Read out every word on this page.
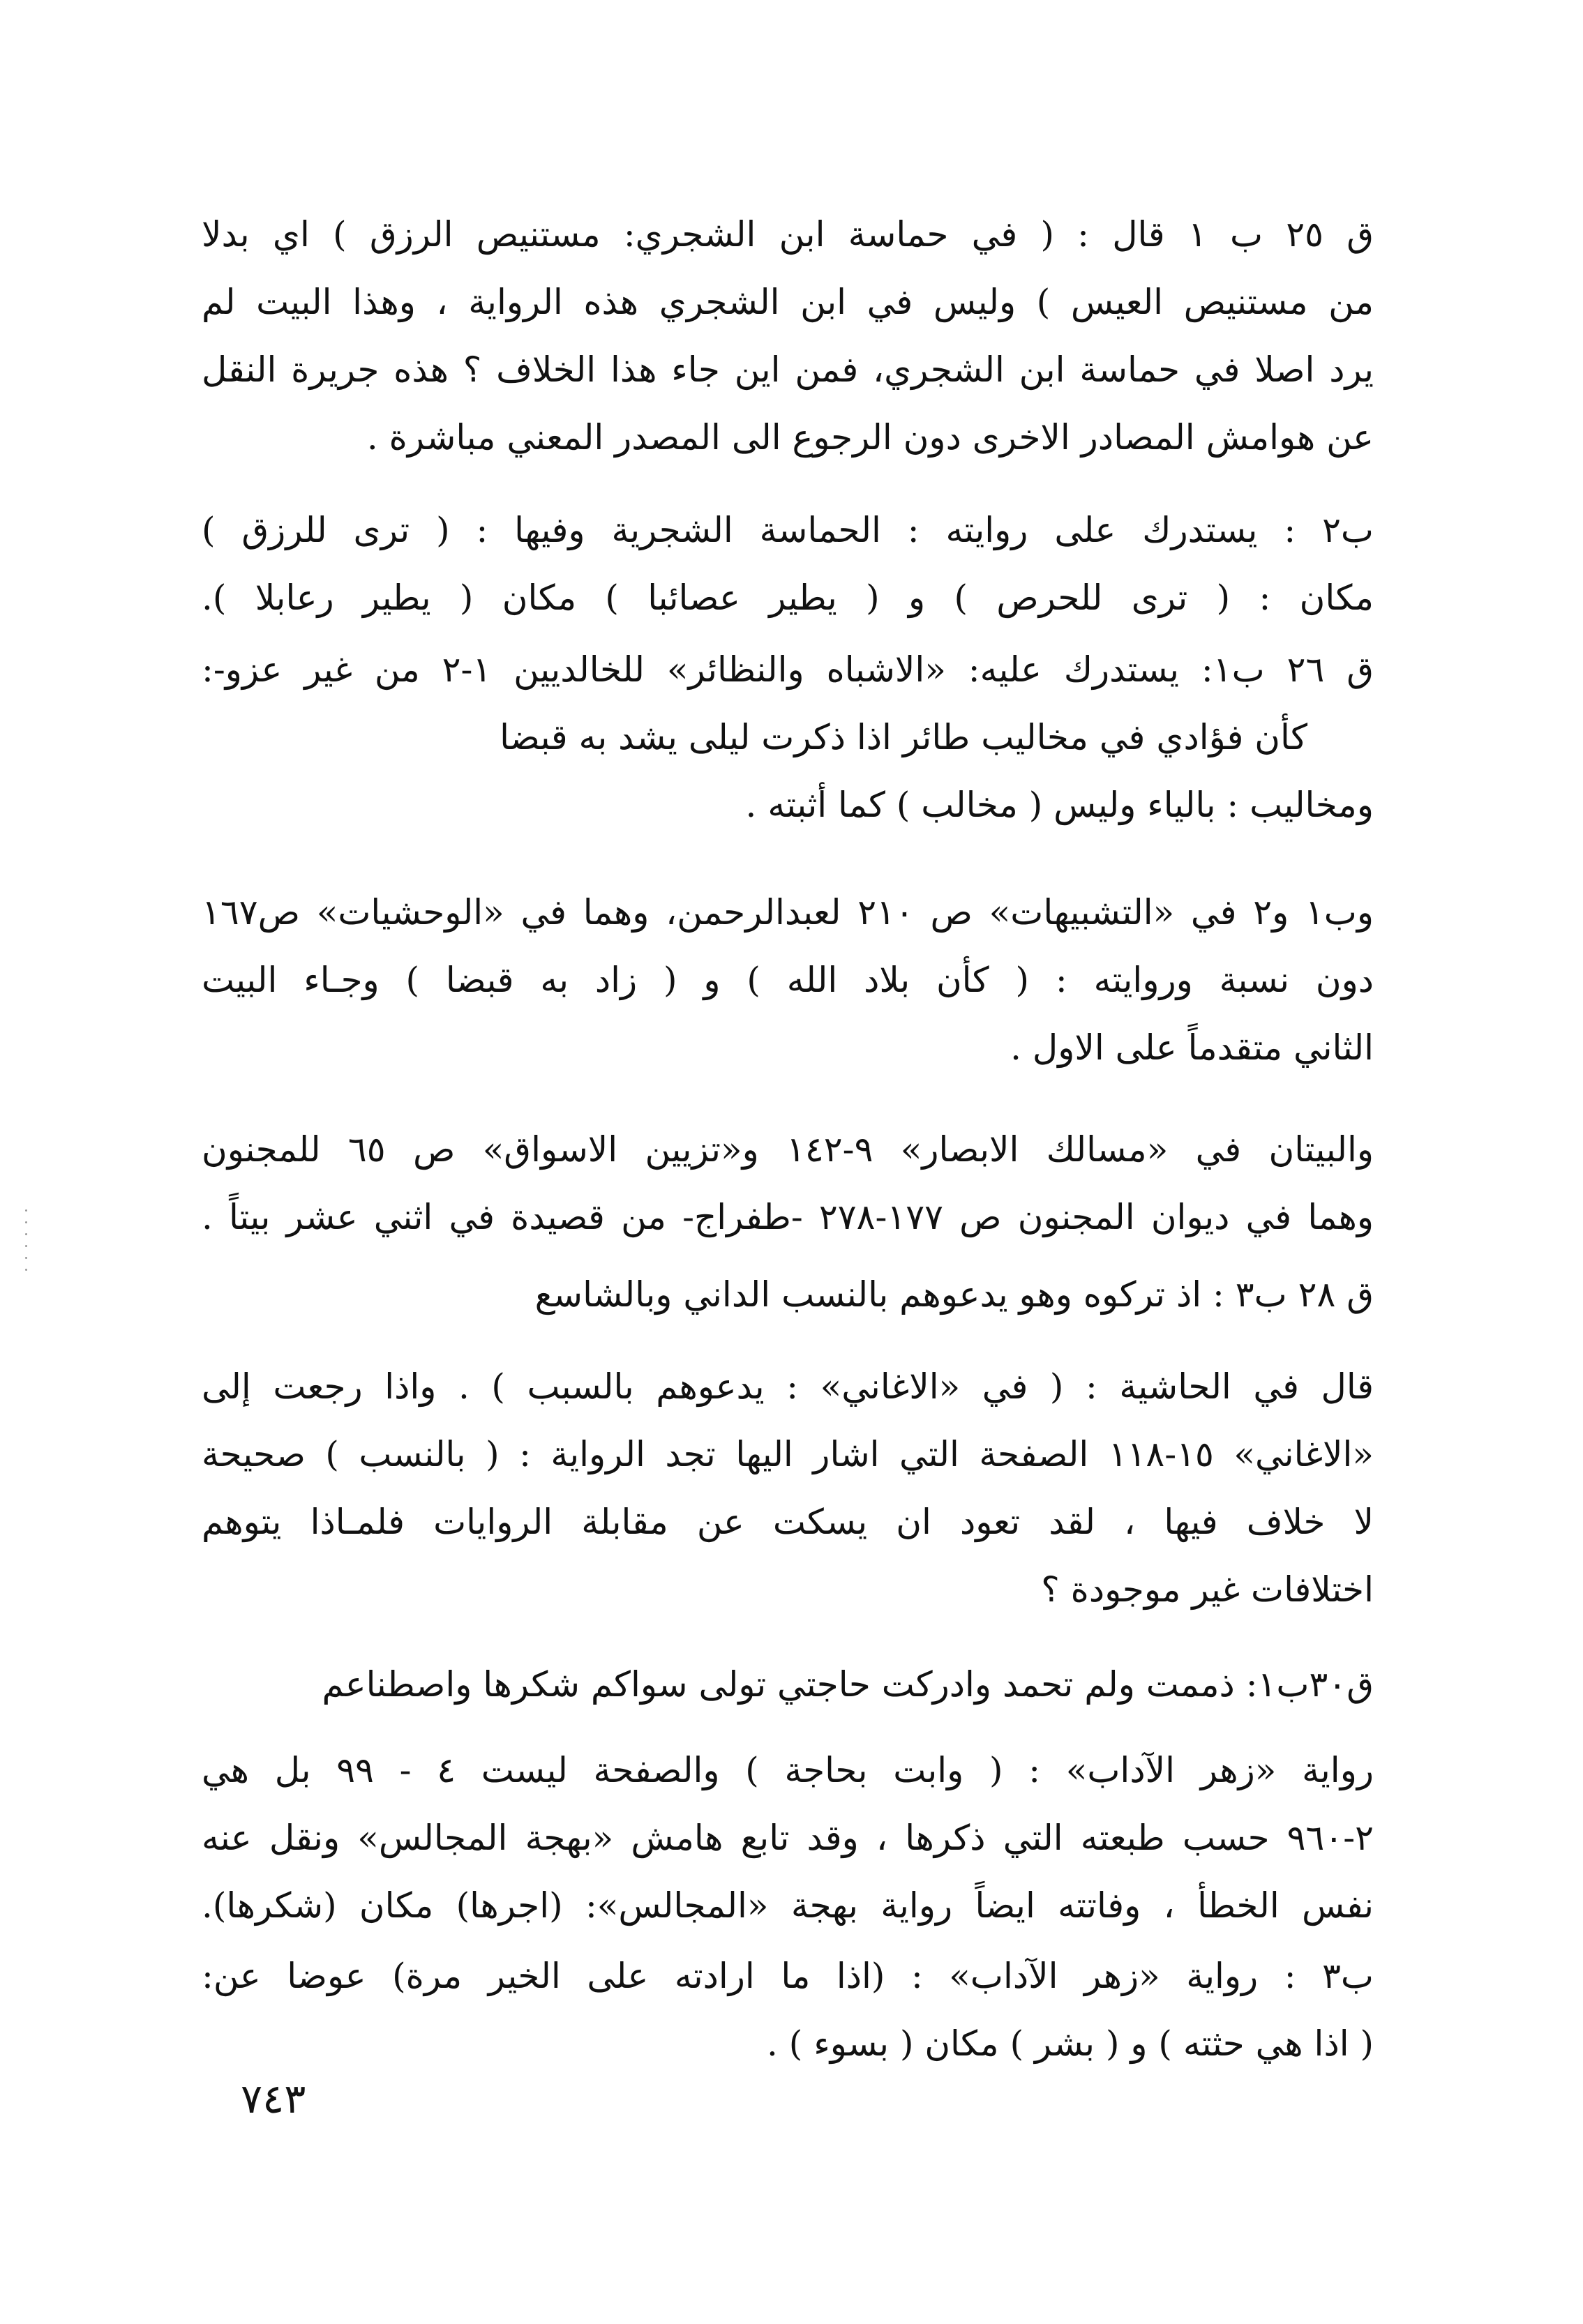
ق ٢٥ ب ١ قال : ( في حماسة ابن الشجري: مستنيص الرزق ) اي بدلا
من مستنيص العيس ) وليس في ابن الشجري هذه الرواية ، وهذا البيت لم
يرد اصلا في حماسة ابن الشجري، فمن اين جاء هذا الخلاف ؟ هذه جريرة النقل
عن هوامش المصادر الاخرى دون الرجوع الى المصدر المعني مباشرة .
ب٢ : يستدرك على روايته : الحماسة الشجرية وفيها : ( ترى للرزق )
مكان : ( ترى للحرص ) و ( يطير عصائبا ) مكان ( يطير رعابلا ).
ق ٢٦ ب١: يستدرك عليه: «الاشباه والنظائر» للخالديين ١-٢ من غير عزو-:
كأن فؤادي في مخاليب طائر اذا ذكرت ليلى يشد به قبضا
ومخاليب : بالياء وليس ( مخالب ) كما أثبته .
وب١ و٢ في «التشبيهات» ص ٢١٠ لعبدالرحمن، وهما في «الوحشيات» ص١٦٧
دون نسبة وروايته : ( كأن بلاد الله ) و ( زاد به قبضا ) وجـاء البيت
الثاني متقدماً على الاول .
والبيتان في «مسالك الابصار» ٩-١٤٢ و«تزيين الاسواق» ص ٦٥ للمجنون
وهما في ديوان المجنون ص ١٧٧-٢٧٨ -طفراج- من قصيدة في اثني عشر بيتاً .
ق ٢٨ ب٣ : اذ تركوه وهو يدعوهم بالنسب الداني وبالشاسع
قال في الحاشية : ( في «الاغاني» : يدعوهم بالسبب ) . واذا رجعت إلى
«الاغاني» ١٥-١١٨ الصفحة التي اشار اليها تجد الرواية : ( بالنسب ) صحيحة
لا خلاف فيها ، لقد تعود ان يسكت عن مقابلة الروايات فلمـاذا يتوهم
اختلافات غير موجودة ؟
ق٣٠ب١: ذممت ولم تحمد وادركت حاجتي تولى سواكم شكرها واصطناعم
رواية «زهر الآداب» : ( وابت بحاجة ) والصفحة ليست ٤ - ٩٩ بل هي
٢-٩٦٠ حسب طبعته التي ذكرها ، وقد تابع هامش «بهجة المجالس» ونقل عنه
نفس الخطأ ، وفاتته ايضاً رواية بهجة «المجالس»: (اجرها) مكان (شكرها).
ب٣ : رواية «زهر الآداب» : (اذا ما ارادته على الخير مرة) عوضا عن:
( اذا هي حثته ) و ( بشر ) مكان ( بسوء ) .
٧٤٣
